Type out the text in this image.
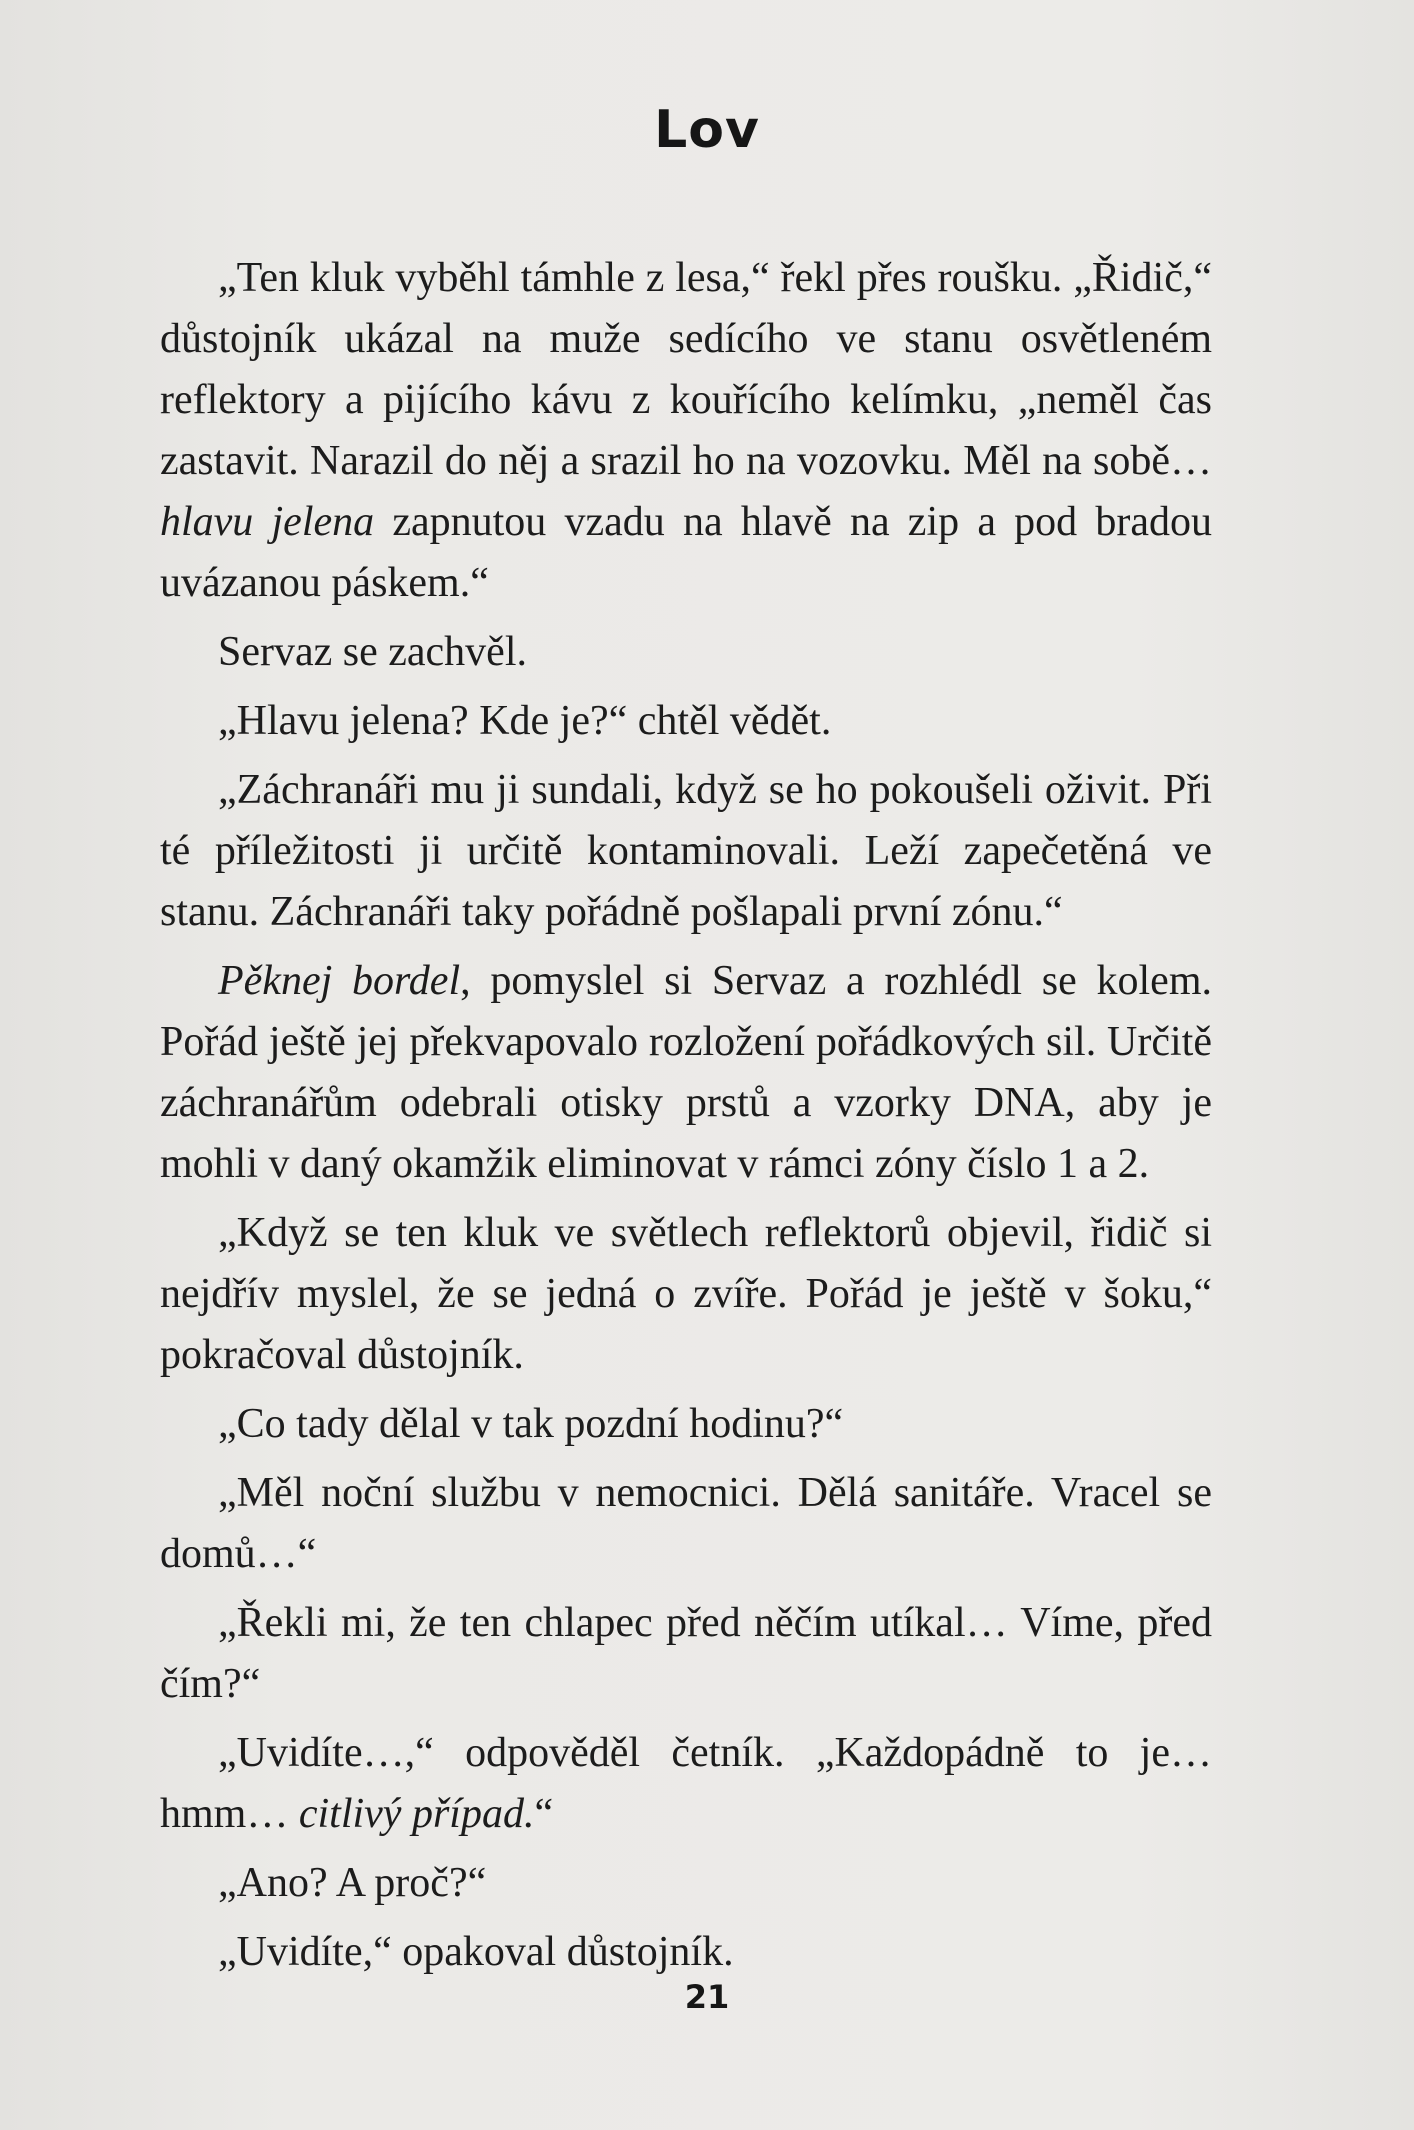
Lov

„Ten kluk vyběhl támhle z lesa,“ řekl přes roušku. „Řidič,“ důstojník ukázal na muže sedícího ve stanu osvětleném reflektory a pijícího kávu z kouřícího kelímku, „neměl čas zastavit. Narazil do něj a srazil ho na vozovku. Měl na sobě… hlavu jelena zapnutou vzadu na hlavě na zip a pod bradou uvázanou páskem.“

Servaz se zachvěl.

„Hlavu jelena? Kde je?“ chtěl vědět.

„Záchranáři mu ji sundali, když se ho pokoušeli oživit. Při té příležitosti ji určitě kontaminovali. Leží zapečetěná ve stanu. Záchranáři taky pořádně pošlapali první zónu.“

Pěknej bordel, pomyslel si Servaz a rozhlédl se kolem. Pořád ještě jej překvapovalo rozložení pořádkových sil. Určitě záchranářům odebrali otisky prstů a vzorky DNA, aby je mohli v daný okamžik eliminovat v rámci zóny číslo 1 a 2.

„Když se ten kluk ve světlech reflektorů objevil, řidič si nejdřív myslel, že se jedná o zvíře. Pořád je ještě v šoku,“ pokračoval důstojník.

„Co tady dělal v tak pozdní hodinu?“

„Měl noční službu v nemocnici. Dělá sanitáře. Vracel se domů…“

„Řekli mi, že ten chlapec před něčím utíkal… Víme, před čím?“

„Uvidíte…,“ odpověděl četník. „Každopádně to je… hmm… citlivý případ.“

„Ano? A proč?“

„Uvidíte,“ opakoval důstojník.

21
